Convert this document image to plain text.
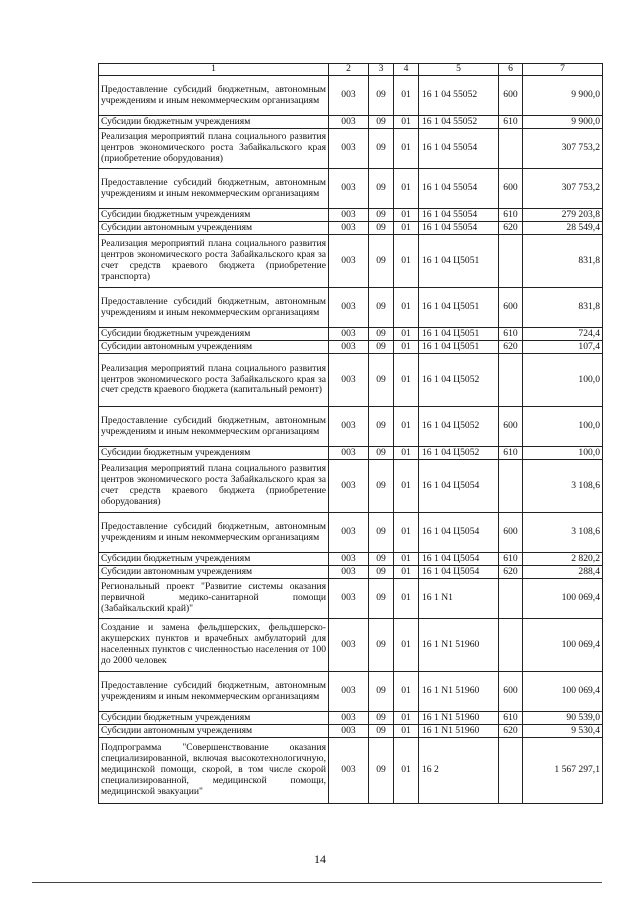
1	2	3	4	5	6	7
Предоставление субсидий бюджетным, автономным учреждениям и иным некоммерческим организациям	003	09	01	16 1 04 55052	600	9 900,0
Субсидии бюджетным учреждениям	003	09	01	16 1 04 55052	610	9 900,0
Реализация мероприятий плана социального развития центров экономического роста Забайкальского края (приобретение оборудования)	003	09	01	16 1 04 55054		307 753,2
Предоставление субсидий бюджетным, автономным учреждениям и иным некоммерческим организациям	003	09	01	16 1 04 55054	600	307 753,2
Субсидии бюджетным учреждениям	003	09	01	16 1 04 55054	610	279 203,8
Субсидии автономным учреждениям	003	09	01	16 1 04 55054	620	28 549,4
Реализация мероприятий плана социального развития центров экономического роста Забайкальского края за счет средств краевого бюджета (приобретение транспорта)	003	09	01	16 1 04 Ц5051		831,8
Предоставление субсидий бюджетным, автономным учреждениям и иным некоммерческим организациям	003	09	01	16 1 04 Ц5051	600	831,8
Субсидии бюджетным учреждениям	003	09	01	16 1 04 Ц5051	610	724,4
Субсидии автономным учреждениям	003	09	01	16 1 04 Ц5051	620	107,4
Реализация мероприятий плана социального развития центров экономического роста Забайкальского края за счет средств краевого бюджета (капитальный ремонт)	003	09	01	16 1 04 Ц5052		100,0
Предоставление субсидий бюджетным, автономным учреждениям и иным некоммерческим организациям	003	09	01	16 1 04 Ц5052	600	100,0
Субсидии бюджетным учреждениям	003	09	01	16 1 04 Ц5052	610	100,0
Реализация мероприятий плана социального развития центров экономического роста Забайкальского края за счет средств краевого бюджета (приобретение оборудования)	003	09	01	16 1 04 Ц5054		3 108,6
Предоставление субсидий бюджетным, автономным учреждениям и иным некоммерческим организациям	003	09	01	16 1 04 Ц5054	600	3 108,6
Субсидии бюджетным учреждениям	003	09	01	16 1 04 Ц5054	610	2 820,2
Субсидии автономным учреждениям	003	09	01	16 1 04 Ц5054	620	288,4
Региональный проект "Развитие системы оказания первичной медико-санитарной помощи (Забайкальский край)"	003	09	01	16 1 N1		100 069,4
Создание и замена фельдшерских, фельдшерско-акушерских пунктов и врачебных амбулаторий для населенных пунктов с численностью населения от 100 до 2000 человек	003	09	01	16 1 N1 51960		100 069,4
Предоставление субсидий бюджетным, автономным учреждениям и иным некоммерческим организациям	003	09	01	16 1 N1 51960	600	100 069,4
Субсидии бюджетным учреждениям	003	09	01	16 1 N1 51960	610	90 539,0
Субсидии автономным учреждениям	003	09	01	16 1 N1 51960	620	9 530,4
Подпрограмма "Совершенствование оказания специализированной, включая высокотехнологичную, медицинской помощи, скорой, в том числе скорой специализированной, медицинской помощи, медицинской эвакуации"	003	09	01	16 2		1 567 297,1
14
